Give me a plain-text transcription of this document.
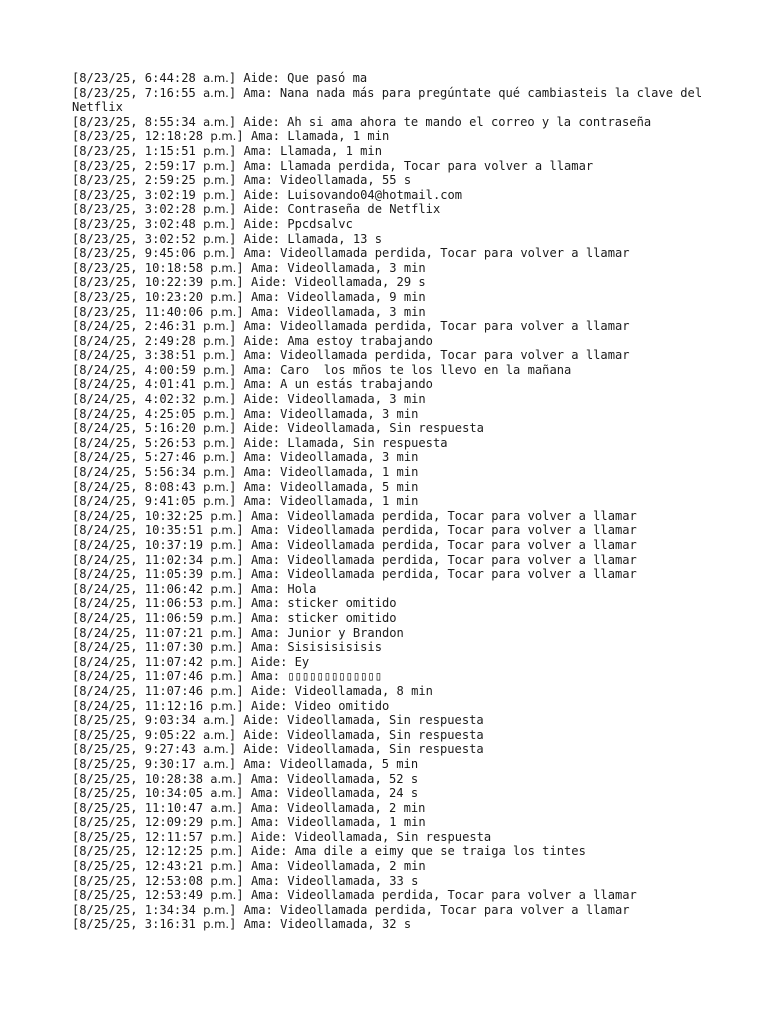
[8/23/25, 6:44:28 a.m.] Aide: Que pasó ma
[8/23/25, 7:16:55 a.m.] Ama: Nana nada más para pregúntate qué cambiasteis la clave del Netflix
[8/23/25, 8:55:34 a.m.] Aide: Ah si ama ahora te mando el correo y la contraseña
[8/23/25, 12:18:28 p.m.] Ama: Llamada, 1 min
[8/23/25, 1:15:51 p.m.] Ama: Llamada, 1 min
[8/23/25, 2:59:17 p.m.] Ama: Llamada perdida, Tocar para volver a llamar
[8/23/25, 2:59:25 p.m.] Ama: Videollamada, 55 s
[8/23/25, 3:02:19 p.m.] Aide: Luisovando04@hotmail.com
[8/23/25, 3:02:28 p.m.] Aide: Contraseña de Netflix
[8/23/25, 3:02:48 p.m.] Aide: Ppcdsalvc
[8/23/25, 3:02:52 p.m.] Aide: Llamada, 13 s
[8/23/25, 9:45:06 p.m.] Ama: Videollamada perdida, Tocar para volver a llamar
[8/23/25, 10:18:58 p.m.] Ama: Videollamada, 3 min
[8/23/25, 10:22:39 p.m.] Aide: Videollamada, 29 s
[8/23/25, 10:23:20 p.m.] Ama: Videollamada, 9 min
[8/23/25, 11:40:06 p.m.] Ama: Videollamada, 3 min
[8/24/25, 2:46:31 p.m.] Ama: Videollamada perdida, Tocar para volver a llamar
[8/24/25, 2:49:28 p.m.] Aide: Ama estoy trabajando
[8/24/25, 3:38:51 p.m.] Ama: Videollamada perdida, Tocar para volver a llamar
[8/24/25, 4:00:59 p.m.] Ama: Caro  los mños te los llevo en la mañana
[8/24/25, 4:01:41 p.m.] Ama: A un estás trabajando
[8/24/25, 4:02:32 p.m.] Aide: Videollamada, 3 min
[8/24/25, 4:25:05 p.m.] Ama: Videollamada, 3 min
[8/24/25, 5:16:20 p.m.] Aide: Videollamada, Sin respuesta
[8/24/25, 5:26:53 p.m.] Aide: Llamada, Sin respuesta
[8/24/25, 5:27:46 p.m.] Ama: Videollamada, 3 min
[8/24/25, 5:56:34 p.m.] Ama: Videollamada, 1 min
[8/24/25, 8:08:43 p.m.] Ama: Videollamada, 5 min
[8/24/25, 9:41:05 p.m.] Ama: Videollamada, 1 min
[8/24/25, 10:32:25 p.m.] Ama: Videollamada perdida, Tocar para volver a llamar
[8/24/25, 10:35:51 p.m.] Ama: Videollamada perdida, Tocar para volver a llamar
[8/24/25, 10:37:19 p.m.] Ama: Videollamada perdida, Tocar para volver a llamar
[8/24/25, 11:02:34 p.m.] Ama: Videollamada perdida, Tocar para volver a llamar
[8/24/25, 11:05:39 p.m.] Ama: Videollamada perdida, Tocar para volver a llamar
[8/24/25, 11:06:42 p.m.] Ama: Hola
[8/24/25, 11:06:53 p.m.] Ama: sticker omitido
[8/24/25, 11:06:59 p.m.] Ama: sticker omitido
[8/24/25, 11:07:21 p.m.] Ama: Junior y Brandon
[8/24/25, 11:07:30 p.m.] Ama: Sisisisisisis
[8/24/25, 11:07:42 p.m.] Aide: Ey
[8/24/25, 11:07:46 p.m.] Ama: ▯▯▯▯▯▯▯▯▯▯▯▯▯
[8/24/25, 11:07:46 p.m.] Aide: Videollamada, 8 min
[8/24/25, 11:12:16 p.m.] Aide: Video omitido
[8/25/25, 9:03:34 a.m.] Aide: Videollamada, Sin respuesta
[8/25/25, 9:05:22 a.m.] Aide: Videollamada, Sin respuesta
[8/25/25, 9:27:43 a.m.] Aide: Videollamada, Sin respuesta
[8/25/25, 9:30:17 a.m.] Ama: Videollamada, 5 min
[8/25/25, 10:28:38 a.m.] Ama: Videollamada, 52 s
[8/25/25, 10:34:05 a.m.] Ama: Videollamada, 24 s
[8/25/25, 11:10:47 a.m.] Ama: Videollamada, 2 min
[8/25/25, 12:09:29 p.m.] Ama: Videollamada, 1 min
[8/25/25, 12:11:57 p.m.] Aide: Videollamada, Sin respuesta
[8/25/25, 12:12:25 p.m.] Aide: Ama dile a eimy que se traiga los tintes
[8/25/25, 12:43:21 p.m.] Ama: Videollamada, 2 min
[8/25/25, 12:53:08 p.m.] Ama: Videollamada, 33 s
[8/25/25, 12:53:49 p.m.] Ama: Videollamada perdida, Tocar para volver a llamar
[8/25/25, 1:34:34 p.m.] Ama: Videollamada perdida, Tocar para volver a llamar
[8/25/25, 3:16:31 p.m.] Ama: Videollamada, 32 s
